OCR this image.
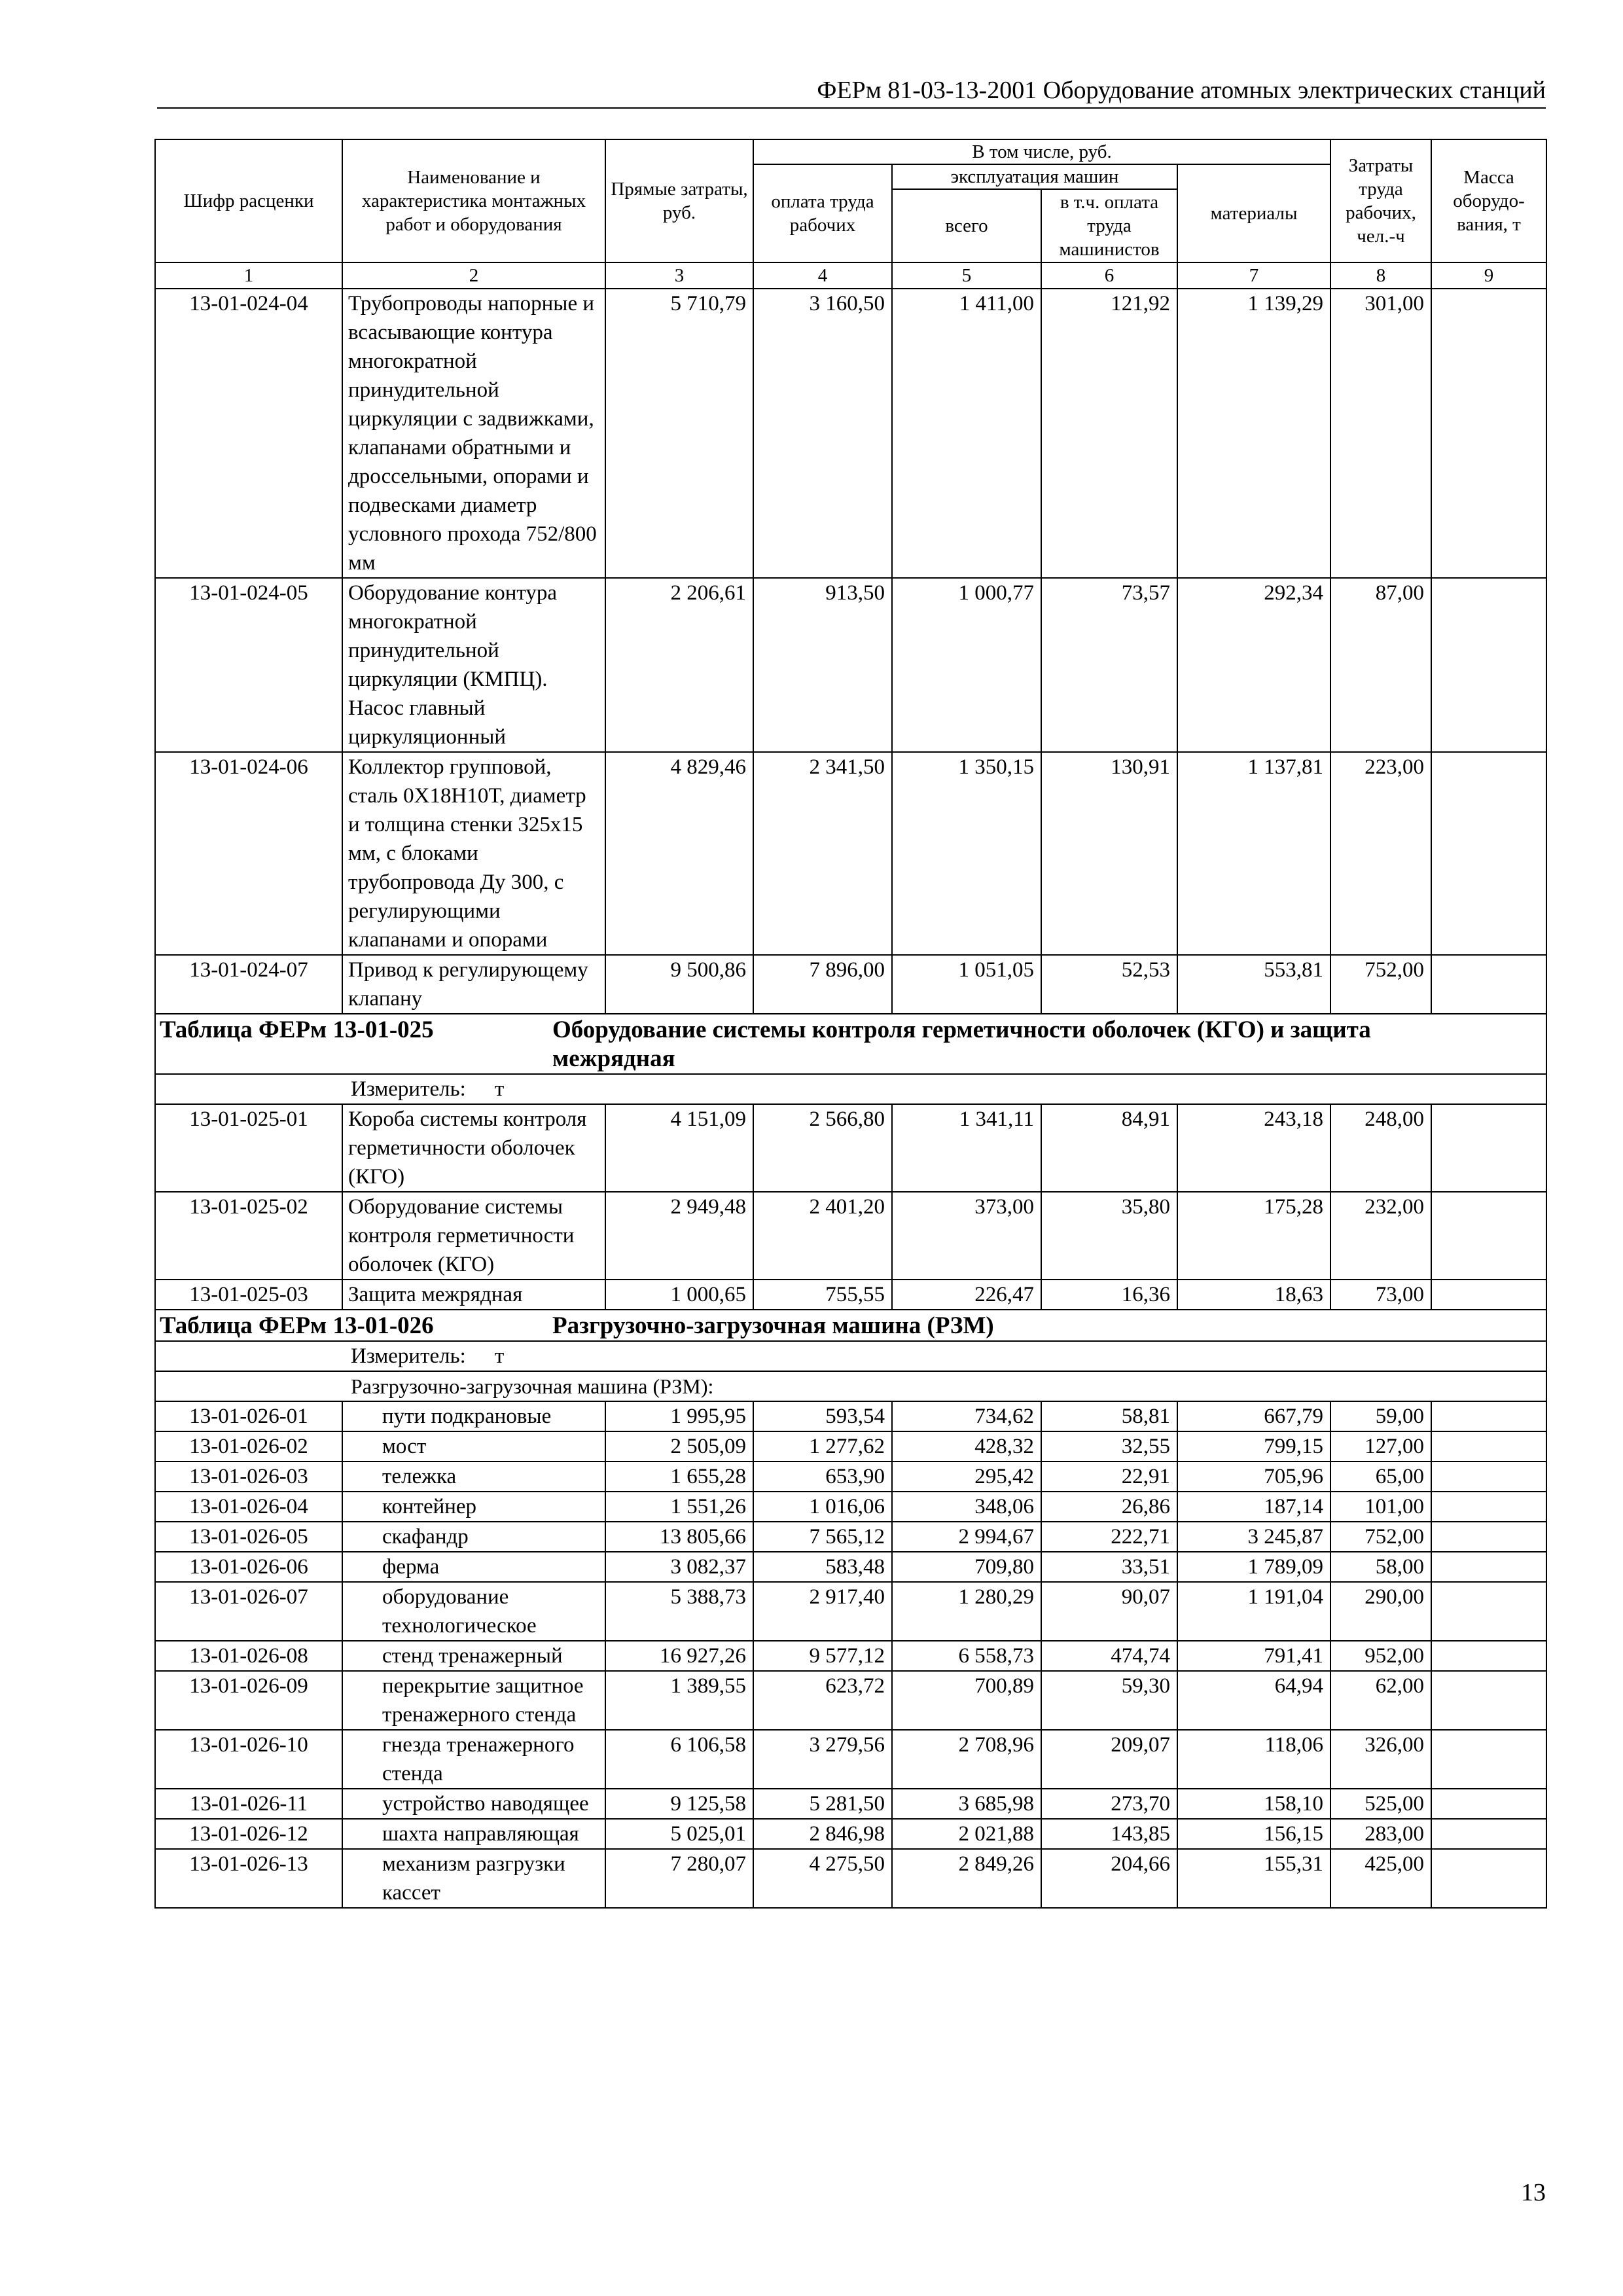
ФЕРм 81-03-13-2001 Оборудование атомных электрических станций
Шифр расценки	Наименование и характеристика монтажных работ и оборудования	Прямые затраты, руб.	В том числе, руб.				Затраты труда рабочих, чел.-ч	Масса оборудо-вания, т
			оплата труда рабочих	эксплуатация машин		материалы		
				всего	в т.ч. оплата труда машинистов			
1	2	3	4	5	6	7	8	9
13-01-024-04	Трубопроводы напорные и всасывающие контура многократной принудительной циркуляции с задвижками, клапанами обратными и дроссельными, опорами и подвесками диаметр условного прохода 752/800 мм	5 710,79	3 160,50	1 411,00	121,92	1 139,29	301,00	
13-01-024-05	Оборудование контура многократной принудительной циркуляции (КМПЦ). Насос главный циркуляционный	2 206,61	913,50	1 000,77	73,57	292,34	87,00	
13-01-024-06	Коллектор групповой, сталь 0Х18Н10Т, диаметр и толщина стенки 325х15 мм, с блоками трубопровода Ду 300, с регулирующими клапанами и опорами	4 829,46	2 341,50	1 350,15	130,91	1 137,81	223,00	
13-01-024-07	Привод к регулирующему клапану	9 500,86	7 896,00	1 051,05	52,53	553,81	752,00	
Таблица ФЕРм 13-01-025 Оборудование системы контроля герметичности оболочек (КГО) и защита межрядная								
Измеритель: т								
13-01-025-01	Короба системы контроля герметичности оболочек (КГО)	4 151,09	2 566,80	1 341,11	84,91	243,18	248,00	
13-01-025-02	Оборудование системы контроля герметичности оболочек (КГО)	2 949,48	2 401,20	373,00	35,80	175,28	232,00	
13-01-025-03	Защита межрядная	1 000,65	755,55	226,47	16,36	18,63	73,00	
Таблица ФЕРм 13-01-026 Разгрузочно-загрузочная машина (РЗМ)								
Измеритель: т								
Разгрузочно-загрузочная машина (РЗМ):								
13-01-026-01	пути подкрановые	1 995,95	593,54	734,62	58,81	667,79	59,00	
13-01-026-02	мост	2 505,09	1 277,62	428,32	32,55	799,15	127,00	
13-01-026-03	тележка	1 655,28	653,90	295,42	22,91	705,96	65,00	
13-01-026-04	контейнер	1 551,26	1 016,06	348,06	26,86	187,14	101,00	
13-01-026-05	скафандр	13 805,66	7 565,12	2 994,67	222,71	3 245,87	752,00	
13-01-026-06	ферма	3 082,37	583,48	709,80	33,51	1 789,09	58,00	
13-01-026-07	оборудование технологическое	5 388,73	2 917,40	1 280,29	90,07	1 191,04	290,00	
13-01-026-08	стенд тренажерный	16 927,26	9 577,12	6 558,73	474,74	791,41	952,00	
13-01-026-09	перекрытие защитное тренажерного стенда	1 389,55	623,72	700,89	59,30	64,94	62,00	
13-01-026-10	гнезда тренажерного стенда	6 106,58	3 279,56	2 708,96	209,07	118,06	326,00	
13-01-026-11	устройство наводящее	9 125,58	5 281,50	3 685,98	273,70	158,10	525,00	
13-01-026-12	шахта направляющая	5 025,01	2 846,98	2 021,88	143,85	156,15	283,00	
13-01-026-13	механизм разгрузки кассет	7 280,07	4 275,50	2 849,26	204,66	155,31	425,00	
13
